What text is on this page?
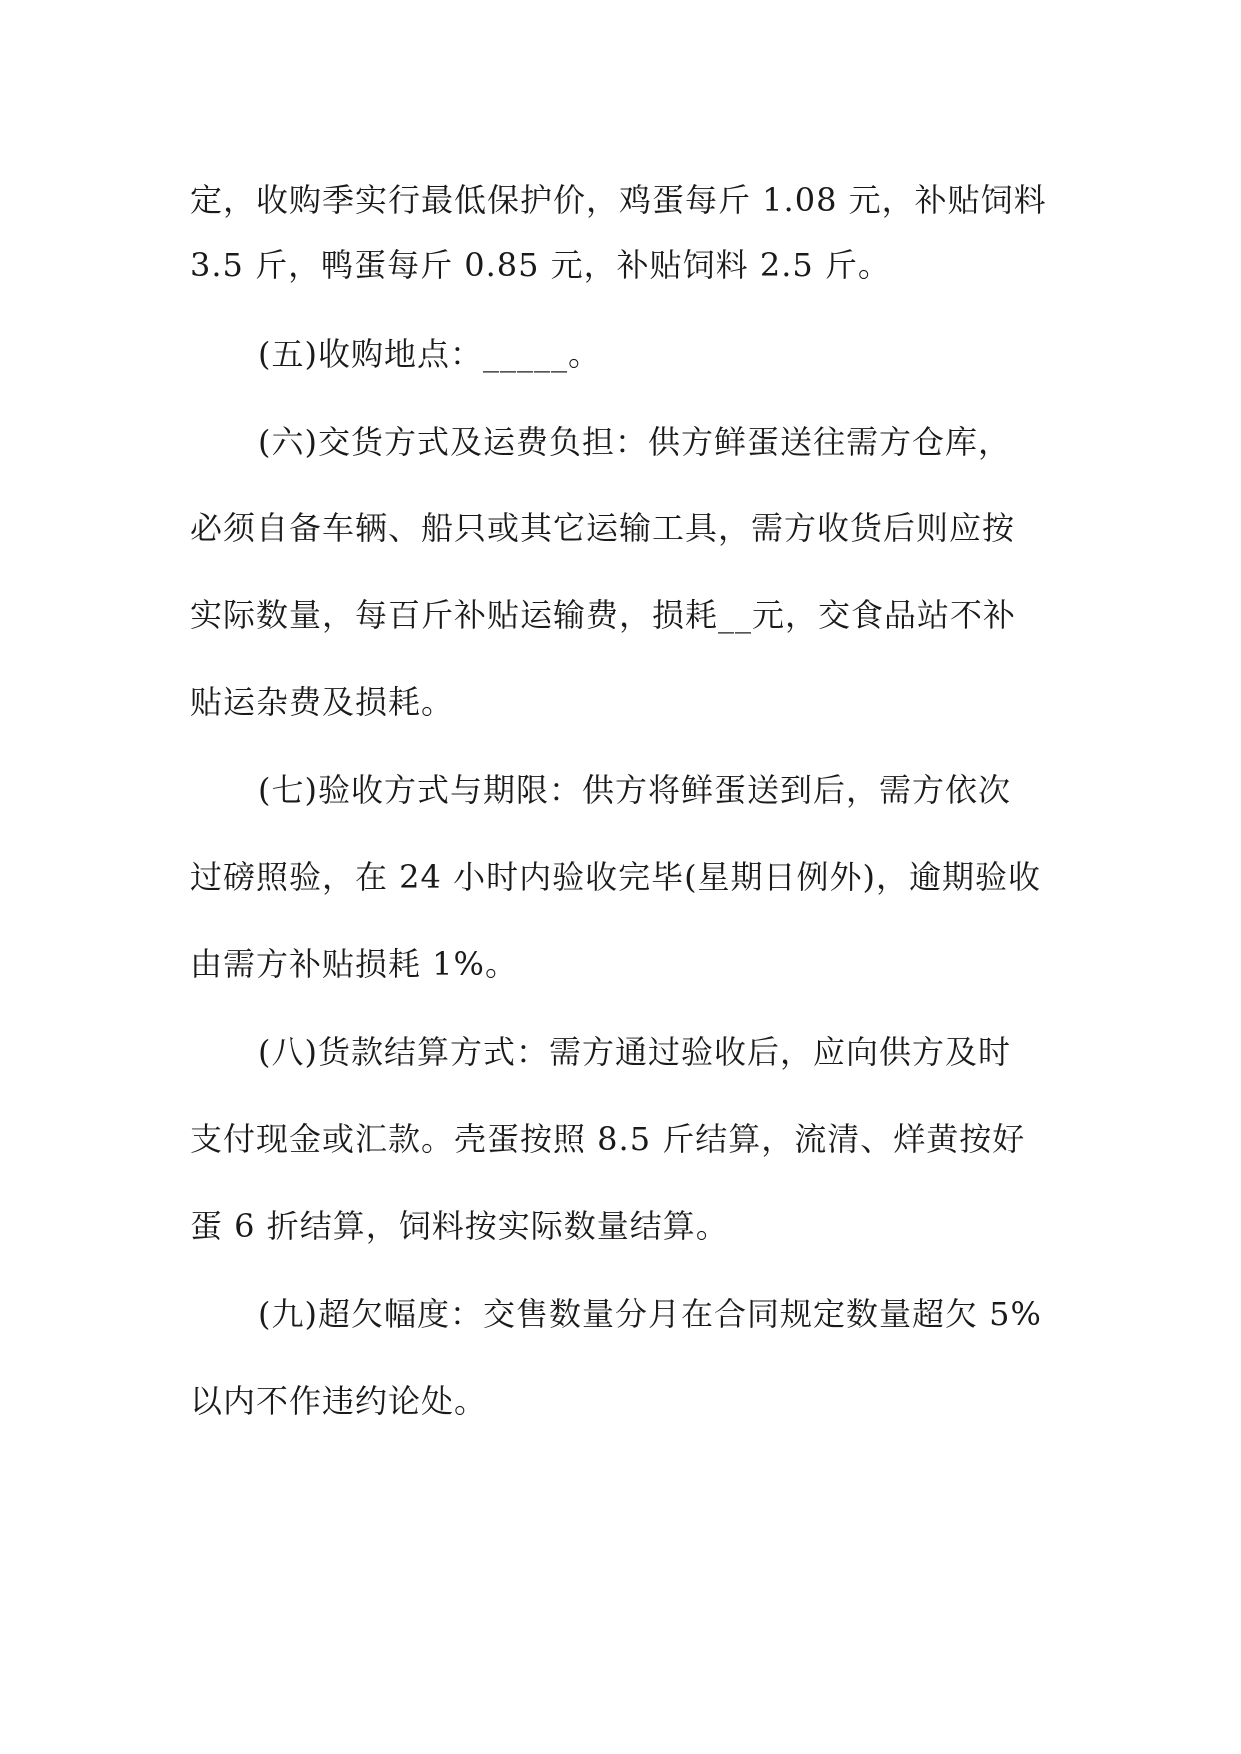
定，收购季实行最低保护价，鸡蛋每斤 1.08 元，补贴饲料
3.5 斤，鸭蛋每斤 0.85 元，补贴饲料 2.5 斤。
(五)收购地点：_____。
(六)交货方式及运费负担：供方鲜蛋送往需方仓库，
必须自备车辆、船只或其它运输工具，需方收货后则应按
实际数量，每百斤补贴运输费，损耗__元，交食品站不补
贴运杂费及损耗。
(七)验收方式与期限：供方将鲜蛋送到后，需方依次
过磅照验，在 24 小时内验收完毕(星期日例外)，逾期验收
由需方补贴损耗 1%。
(八)货款结算方式：需方通过验收后，应向供方及时
支付现金或汇款。壳蛋按照 8.5 斤结算，流清、烊黄按好
蛋 6 折结算，饲料按实际数量结算。
(九)超欠幅度：交售数量分月在合同规定数量超欠 5%
以内不作违约论处。
